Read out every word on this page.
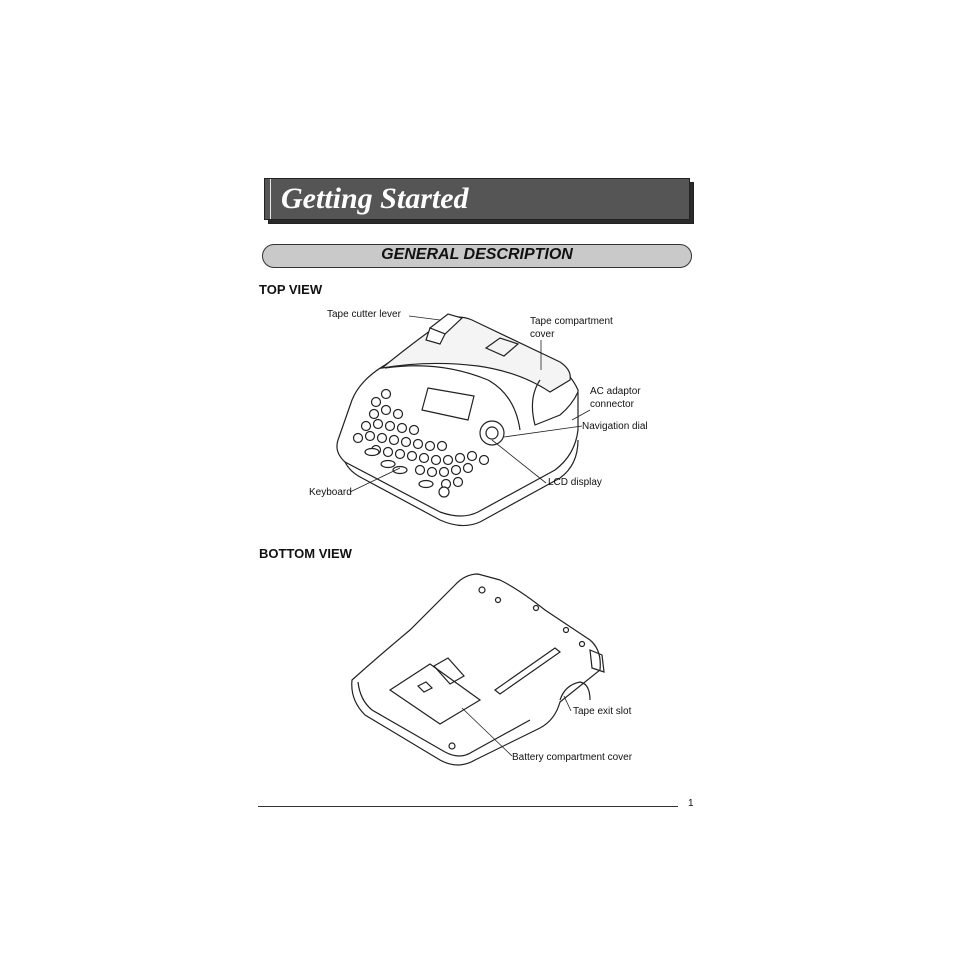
Getting Started
GENERAL DESCRIPTION
TOP VIEW
BOTTOM VIEW
Tape cutter lever
Tape compartment
cover
AC adaptor
connector
Navigation dial
LCD display
Keyboard
Tape exit slot
Battery compartment cover
1
